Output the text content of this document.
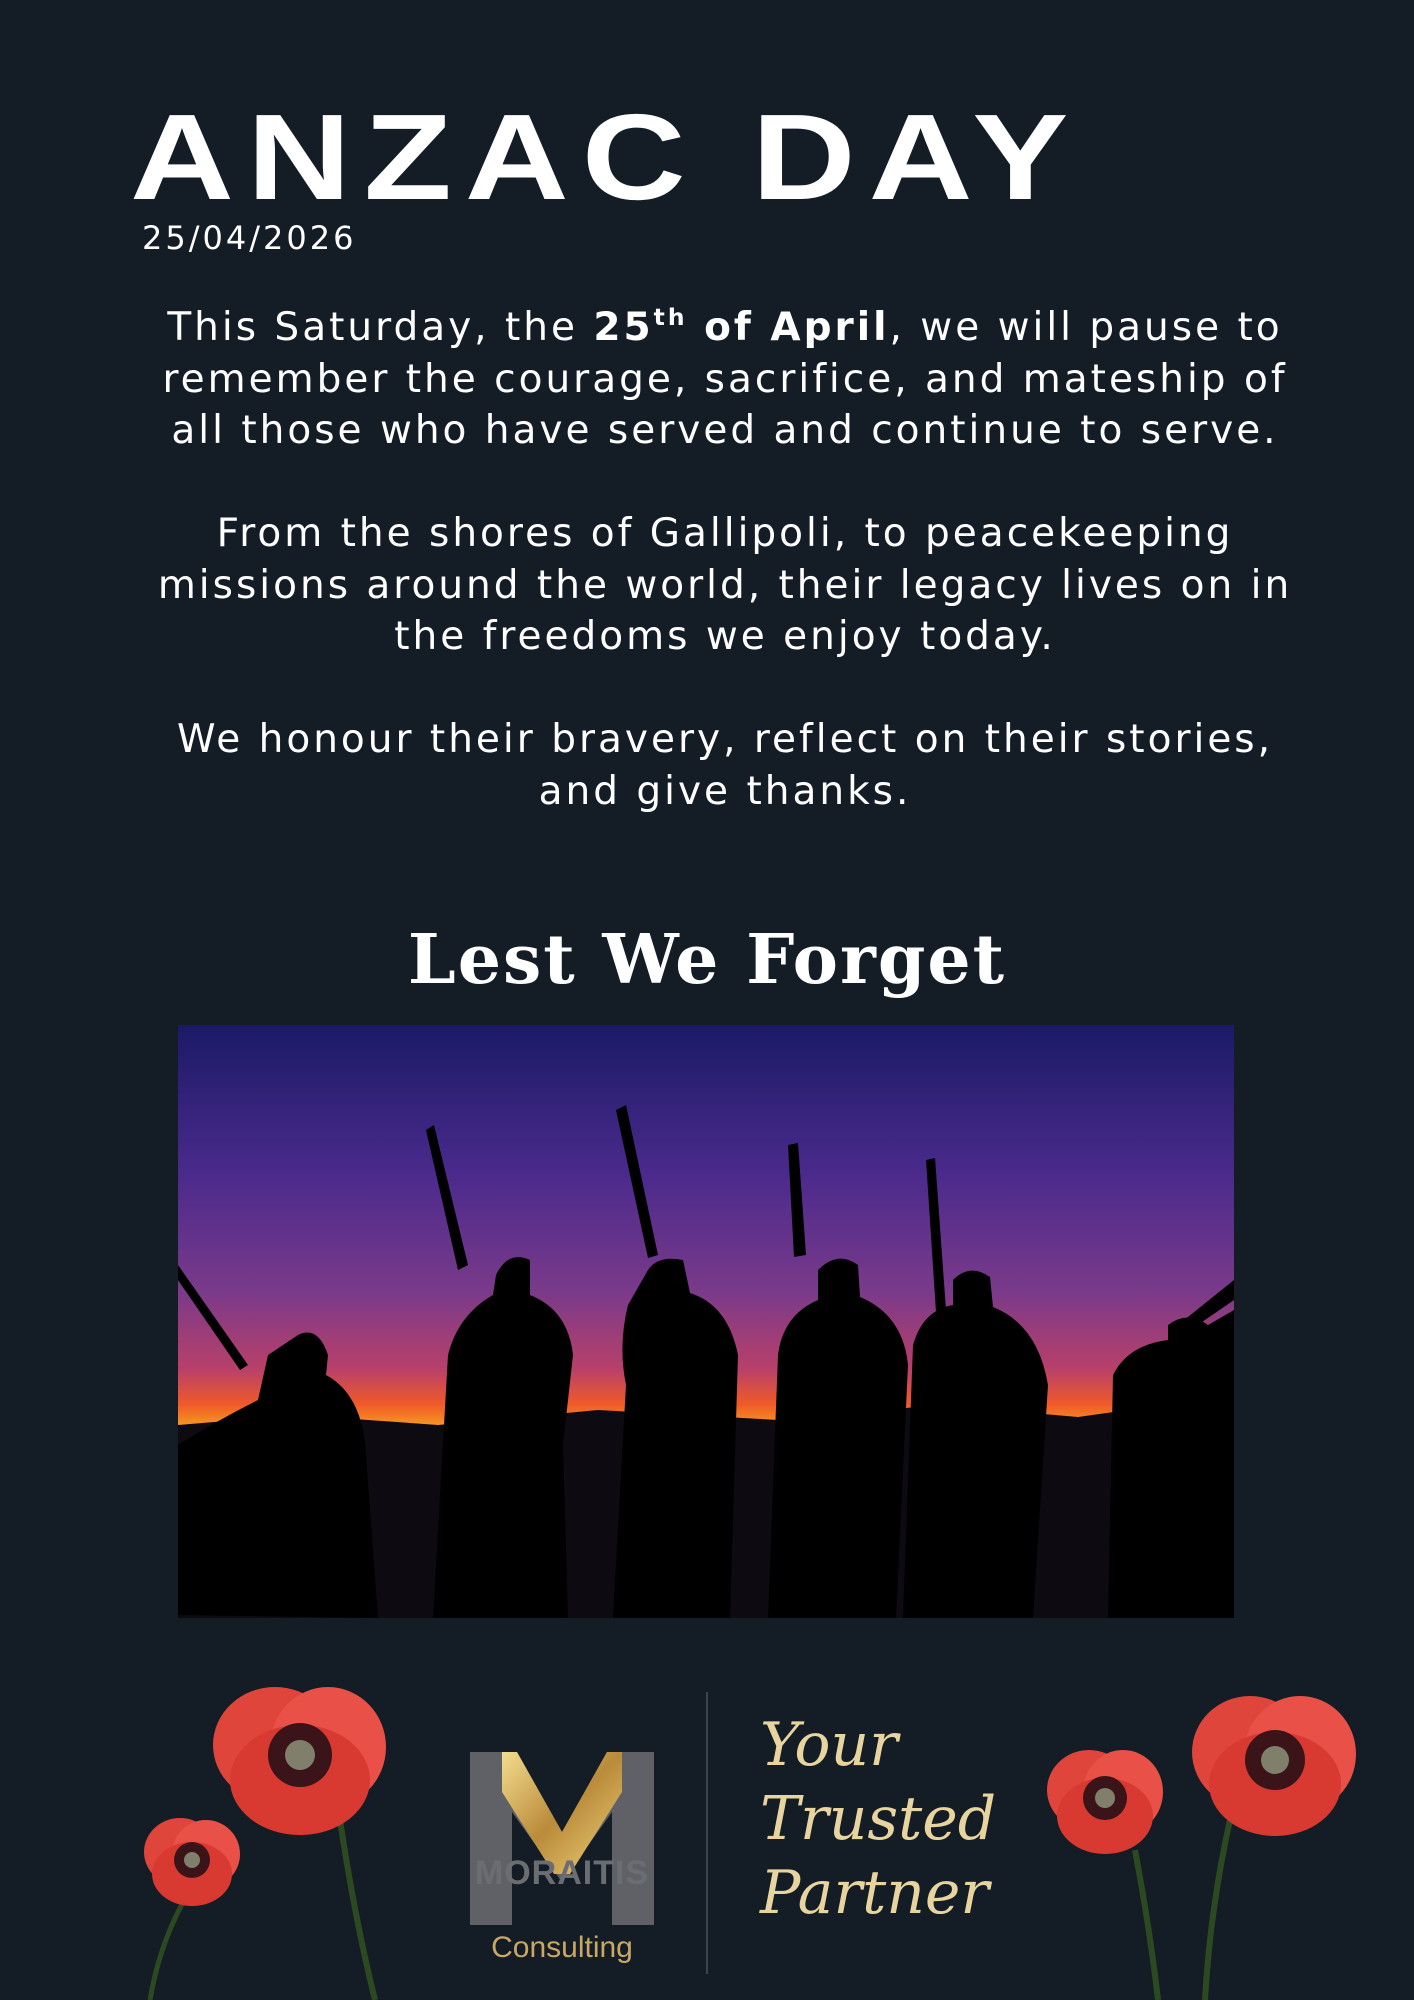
ANZAC DAY
25/04/2026

This Saturday, the 25th of April, we will pause to remember the courage, sacrifice, and mateship of all those who have served and continue to serve.

From the shores of Gallipoli, to peacekeeping missions around the world, their legacy lives on in the freedoms we enjoy today.

We honour their bravery, reflect on their stories, and give thanks.

Lest We Forget
MORAITIS
Consulting
Your
Trusted
Partner
